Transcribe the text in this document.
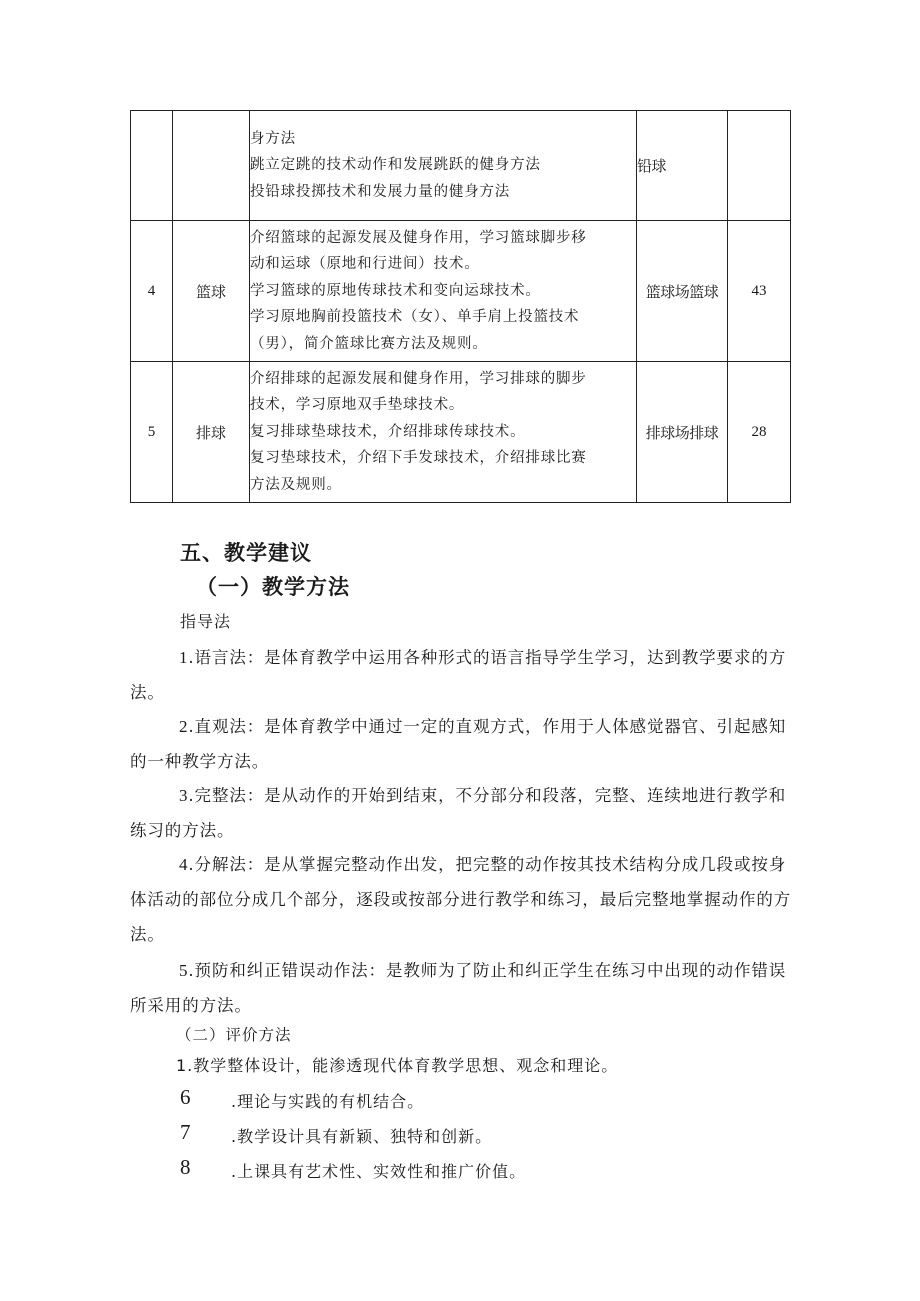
		身方法
跳立定跳的技术动作和发展跳跃的健身方法
投铅球投掷技术和发展力量的健身方法	铅球	
4	篮球	介绍篮球的起源发展及健身作用，学习篮球脚步移
动和运球（原地和行进间）技术。
学习篮球的原地传球技术和变向运球技术。
学习原地胸前投篮技术（女）、单手肩上投篮技术
（男），简介篮球比赛方法及规则。	篮球场篮球	43
5	排球	介绍排球的起源发展和健身作用，学习排球的脚步
技术，学习原地双手垫球技术。
复习排球垫球技术，介绍排球传球技术。
复习垫球技术，介绍下手发球技术，介绍排球比赛
方法及规则。	排球场排球	28
五、教学建议
（一）教学方法

指导法

1.语言法：是体育教学中运用各种形式的语言指导学生学习，达到教学要求的方法。

2.直观法：是体育教学中通过一定的直观方式，作用于人体感觉器官、引起感知的一种教学方法。

3.完整法：是从动作的开始到结束，不分部分和段落，完整、连续地进行教学和练习的方法。

4.分解法：是从掌握完整动作出发，把完整的动作按其技术结构分成几段或按身体活动的部位分成几个部分，逐段或按部分进行教学和练习，最后完整地掌握动作的方法。

5.预防和纠正错误动作法：是教师为了防止和纠正学生在练习中出现的动作错误所采用的方法。

（二）评价方法

1.教学整体设计，能渗透现代体育教学思想、观念和理论。

6	.理论与实践的有机结合。
7	.教学设计具有新颖、独特和创新。
8	.上课具有艺术性、实效性和推广价值。
